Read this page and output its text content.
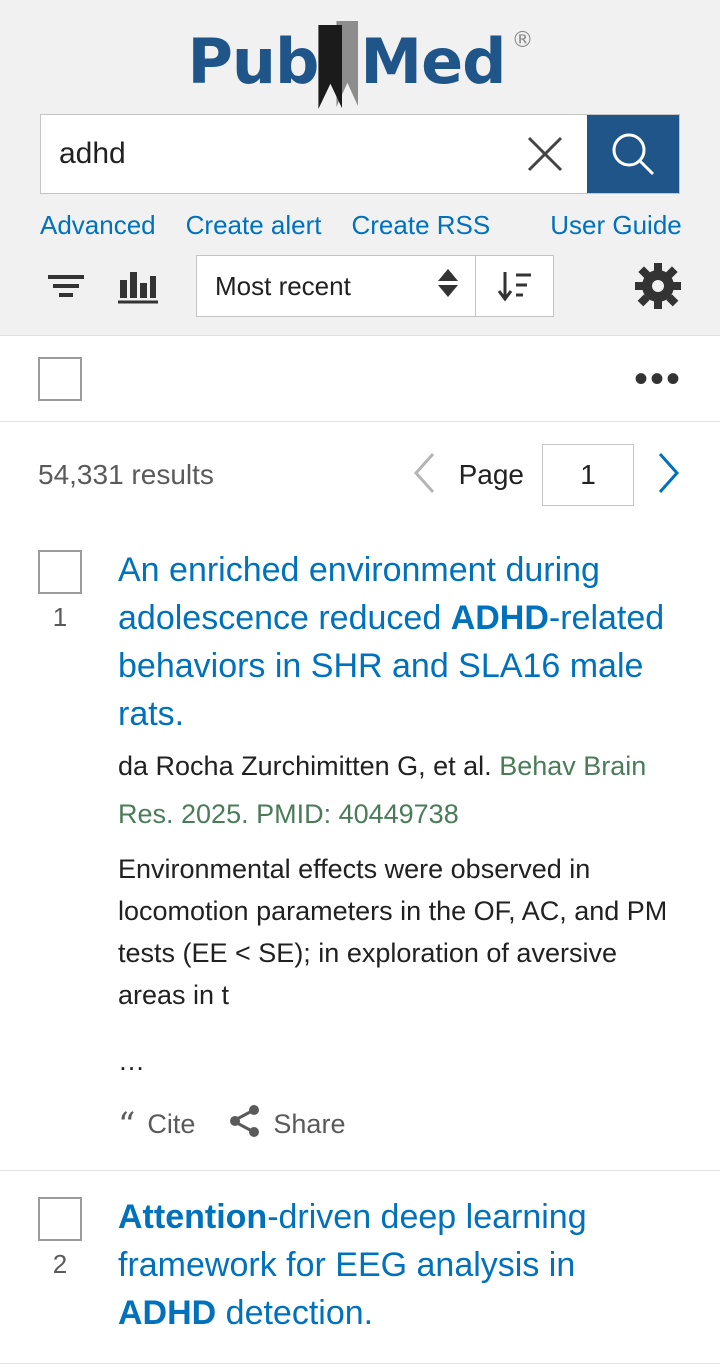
Pub Med ®
adhd
Advanced Create alert Create RSS User Guide
Most recent
•••
54,331 results	Page
1
1
An enriched environment during adolescence reduced ADHD-related behaviors in SHR and SLA16 male rats.
da Rocha Zurchimitten G, et al. Behav Brain Res. 2025. PMID: 40449738
Environmental effects were observed in locomotion parameters in the OF, AC, and PM tests (EE < SE); in exploration of aversive areas in t
…
“ Cite	Share
2
Attention-driven deep learning framework for EEG analysis in ADHD detection.
